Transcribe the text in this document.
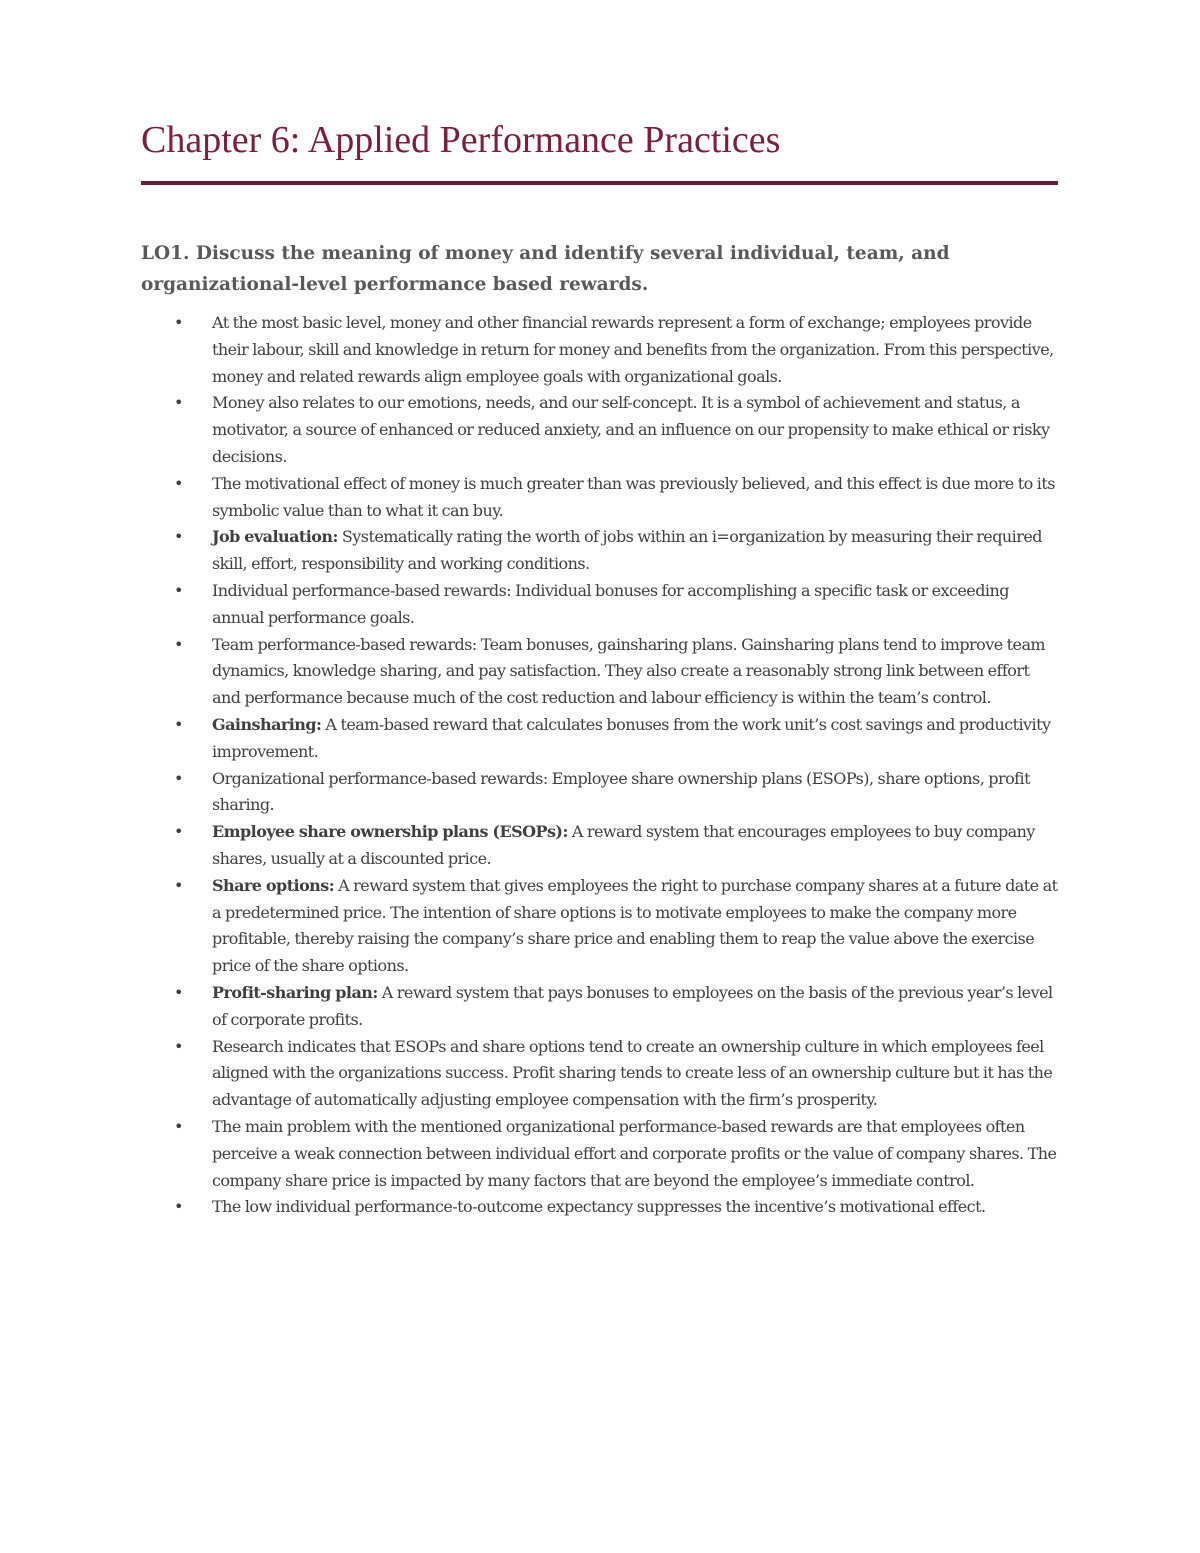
Chapter 6: Applied Performance Practices
LO1. Discuss the meaning of money and identify several individual, team, and organizational-level performance based rewards.
• At the most basic level, money and other financial rewards represent a form of exchange; employees provide their labour, skill and knowledge in return for money and benefits from the organization. From this perspective, money and related rewards align employee goals with organizational goals.
• Money also relates to our emotions, needs, and our self-concept. It is a symbol of achievement and status, a motivator, a source of enhanced or reduced anxiety, and an influence on our propensity to make ethical or risky decisions.
• The motivational effect of money is much greater than was previously believed, and this effect is due more to its symbolic value than to what it can buy.
• Job evaluation: Systematically rating the worth of jobs within an i=organization by measuring their required skill, effort, responsibility and working conditions.
• Individual performance-based rewards: Individual bonuses for accomplishing a specific task or exceeding annual performance goals.
• Team performance-based rewards: Team bonuses, gainsharing plans. Gainsharing plans tend to improve team dynamics, knowledge sharing, and pay satisfaction. They also create a reasonably strong link between effort and performance because much of the cost reduction and labour efficiency is within the team’s control.
• Gainsharing: A team-based reward that calculates bonuses from the work unit’s cost savings and productivity improvement.
• Organizational performance-based rewards: Employee share ownership plans (ESOPs), share options, profit sharing.
• Employee share ownership plans (ESOPs): A reward system that encourages employees to buy company shares, usually at a discounted price.
• Share options: A reward system that gives employees the right to purchase company shares at a future date at a predetermined price. The intention of share options is to motivate employees to make the company more profitable, thereby raising the company’s share price and enabling them to reap the value above the exercise price of the share options.
• Profit-sharing plan: A reward system that pays bonuses to employees on the basis of the previous year’s level of corporate profits.
• Research indicates that ESOPs and share options tend to create an ownership culture in which employees feel aligned with the organizations success. Profit sharing tends to create less of an ownership culture but it has the advantage of automatically adjusting employee compensation with the firm’s prosperity.
• The main problem with the mentioned organizational performance-based rewards are that employees often perceive a weak connection between individual effort and corporate profits or the value of company shares. The company share price is impacted by many factors that are beyond the employee’s immediate control.
• The low individual performance-to-outcome expectancy suppresses the incentive’s motivational effect.
